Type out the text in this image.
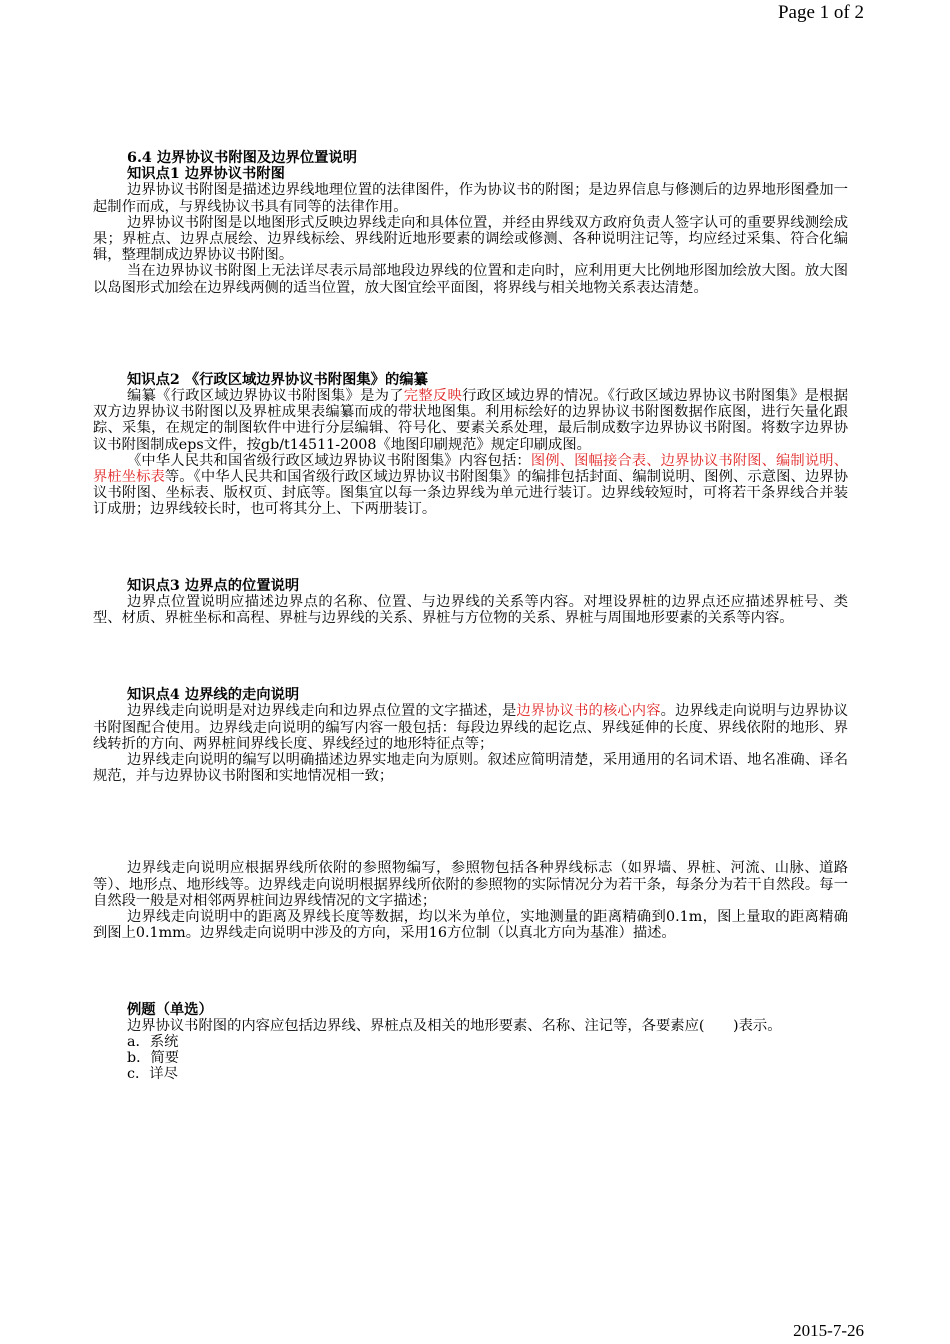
Page 1 of 2
6.4 边界协议书附图及边界位置说明
知识点1 边界协议书附图
边界协议书附图是描述边界线地理位置的法律图件，作为协议书的附图；是边界信息与修测后的边界地形图叠加一起制作而成，与界线协议书具有同等的法律作用。
边界协议书附图是以地图形式反映边界线走向和具体位置，并经由界线双方政府负责人签字认可的重要界线测绘成果；界桩点、边界点展绘、边界线标绘、界线附近地形要素的调绘或修测、各种说明注记等，均应经过采集、符合化编辑，整理制成边界协议书附图。
当在边界协议书附图上无法详尽表示局部地段边界线的位置和走向时，应利用更大比例地形图加绘放大图。放大图以岛图形式加绘在边界线两侧的适当位置，放大图宜绘平面图，将界线与相关地物关系表达清楚。
知识点2 《行政区域边界协议书附图集》的编纂
编纂《行政区域边界协议书附图集》是为了完整反映行政区域边界的情况。《行政区域边界协议书附图集》是根据双方边界协议书附图以及界桩成果表编纂而成的带状地图集。利用标绘好的边界协议书附图数据作底图，进行矢量化跟踪、采集，在规定的制图软件中进行分层编辑、符号化、要素关系处理，最后制成数字边界协议书附图。将数字边界协议书附图制成eps文件，按gb/t14511-2008《地图印刷规范》规定印刷成图。
《中华人民共和国省级行政区域边界协议书附图集》内容包括：图例、图幅接合表、边界协议书附图、编制说明、界桩坐标表等。《中华人民共和国省级行政区域边界协议书附图集》的编排包括封面、编制说明、图例、示意图、边界协议书附图、坐标表、版权页、封底等。图集宜以每一条边界线为单元进行装订。边界线较短时，可将若干条界线合并装订成册；边界线较长时，也可将其分上、下两册装订。
知识点3 边界点的位置说明
边界点位置说明应描述边界点的名称、位置、与边界线的关系等内容。对埋设界桩的边界点还应描述界桩号、类型、材质、界桩坐标和高程、界桩与边界线的关系、界桩与方位物的关系、界桩与周围地形要素的关系等内容。
知识点4 边界线的走向说明
边界线走向说明是对边界线走向和边界点位置的文字描述，是边界协议书的核心内容。边界线走向说明与边界协议书附图配合使用。边界线走向说明的编写内容一般包括：每段边界线的起讫点、界线延伸的长度、界线依附的地形、界线转折的方向、两界桩间界线长度、界线经过的地形特征点等；
边界线走向说明的编写以明确描述边界实地走向为原则。叙述应简明清楚，采用通用的名词术语、地名准确、译名规范，并与边界协议书附图和实地情况相一致；
边界线走向说明应根据界线所依附的参照物编写，参照物包括各种界线标志（如界墙、界桩、河流、山脉、道路等）、地形点、地形线等。边界线走向说明根据界线所依附的参照物的实际情况分为若干条，每条分为若干自然段。每一自然段一般是对相邻两界桩间边界线情况的文字描述；
边界线走向说明中的距离及界线长度等数据，均以米为单位，实地测量的距离精确到0.1m，图上量取的距离精确到图上0.1mm。边界线走向说明中涉及的方向，采用16方位制（以真北方向为基准）描述。
例题（单选）
边界协议书附图的内容应包括边界线、界桩点及相关的地形要素、名称、注记等，各要素应(　　)表示。
a．系统
b．简要
c．详尽
2015-7-26
